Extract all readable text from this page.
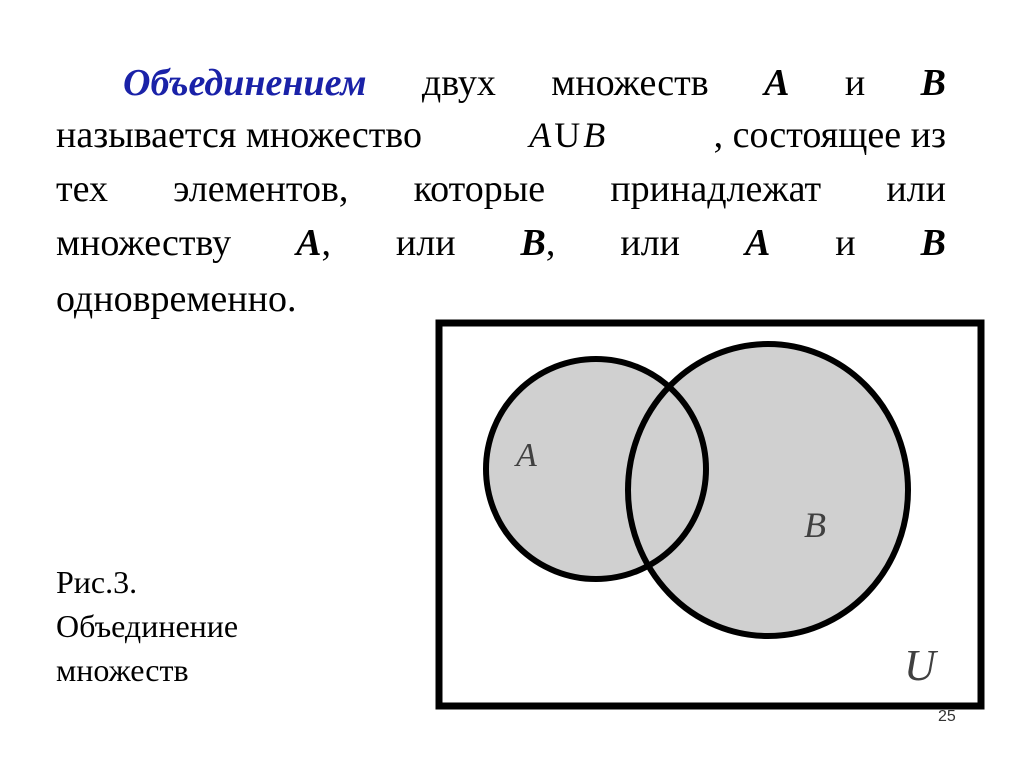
Объединением двух множеств A и B
называется множество	AUB	, состоящее из
тех элементов, которые принадлежат или
множеству A, или B, или A и B
одновременно.
Рис.3.
Объединение
множеств
A
B
U
25
